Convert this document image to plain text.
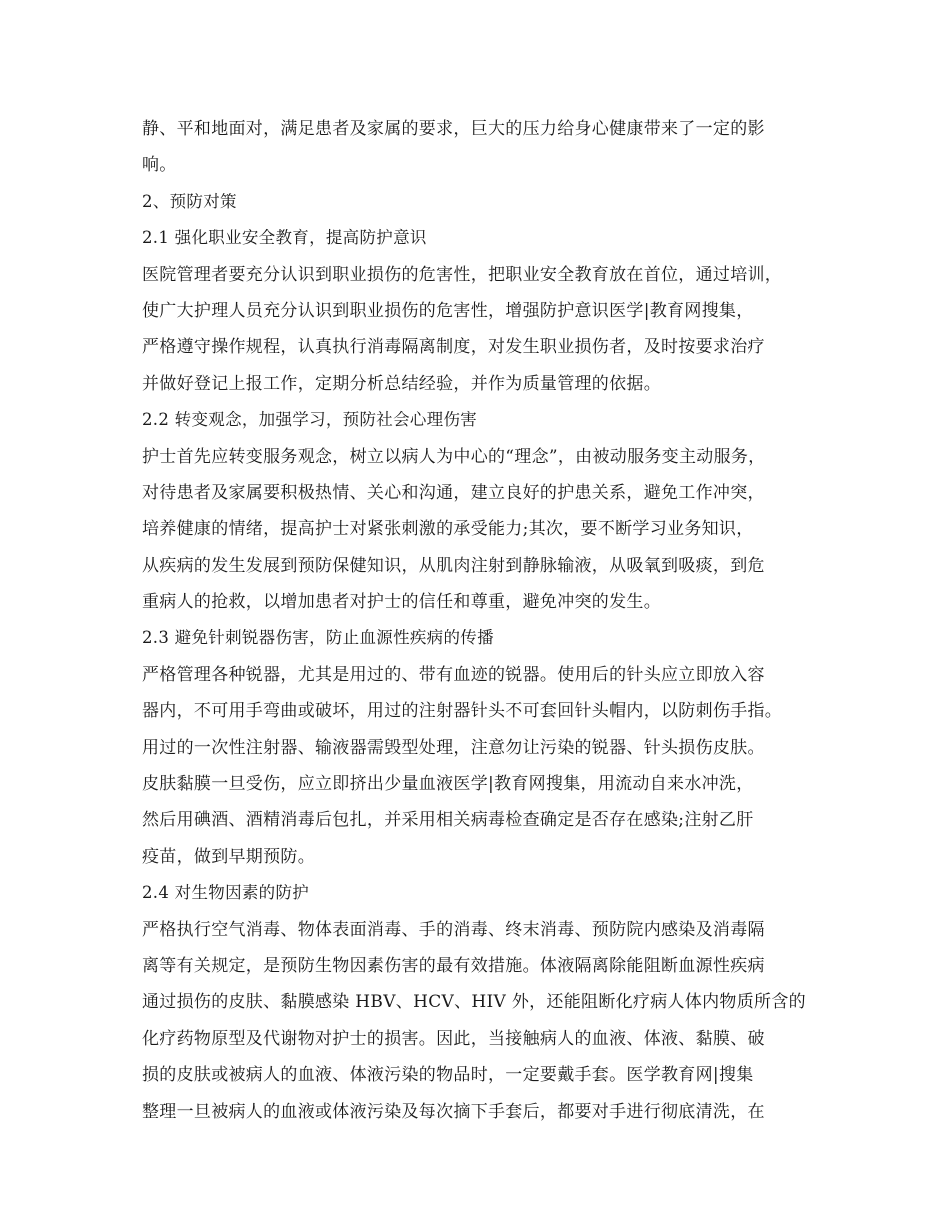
静、平和地面对，满足患者及家属的要求，巨大的压力给身心健康带来了一定的影
响。
2、预防对策
2.1 强化职业安全教育，提高防护意识
医院管理者要充分认识到职业损伤的危害性，把职业安全教育放在首位，通过培训，
使广大护理人员充分认识到职业损伤的危害性，增强防护意识医学|教育网搜集，
严格遵守操作规程，认真执行消毒隔离制度，对发生职业损伤者，及时按要求治疗
并做好登记上报工作，定期分析总结经验，并作为质量管理的依据。
2.2 转变观念，加强学习，预防社会心理伤害
护士首先应转变服务观念，树立以病人为中心的“理念”，由被动服务变主动服务，
对待患者及家属要积极热情、关心和沟通，建立良好的护患关系，避免工作冲突，
培养健康的情绪，提高护士对紧张刺激的承受能力;其次，要不断学习业务知识，
从疾病的发生发展到预防保健知识，从肌肉注射到静脉输液，从吸氧到吸痰，到危
重病人的抢救，以增加患者对护士的信任和尊重，避免冲突的发生。
2.3 避免针刺锐器伤害，防止血源性疾病的传播
严格管理各种锐器，尤其是用过的、带有血迹的锐器。使用后的针头应立即放入容
器内，不可用手弯曲或破坏，用过的注射器针头不可套回针头帽内，以防刺伤手指。
用过的一次性注射器、输液器需毁型处理，注意勿让污染的锐器、针头损伤皮肤。
皮肤黏膜一旦受伤，应立即挤出少量血液医学|教育网搜集，用流动自来水冲洗，
然后用碘酒、酒精消毒后包扎，并采用相关病毒检查确定是否存在感染;注射乙肝
疫苗，做到早期预防。
2.4 对生物因素的防护
严格执行空气消毒、物体表面消毒、手的消毒、终末消毒、预防院内感染及消毒隔
离等有关规定，是预防生物因素伤害的最有效措施。体液隔离除能阻断血源性疾病
通过损伤的皮肤、黏膜感染 HBV、HCV、HIV 外，还能阻断化疗病人体内物质所含的
化疗药物原型及代谢物对护士的损害。因此，当接触病人的血液、体液、黏膜、破
损的皮肤或被病人的血液、体液污染的物品时，一定要戴手套。医学教育网|搜集
整理一旦被病人的血液或体液污染及每次摘下手套后，都要对手进行彻底清洗，在
